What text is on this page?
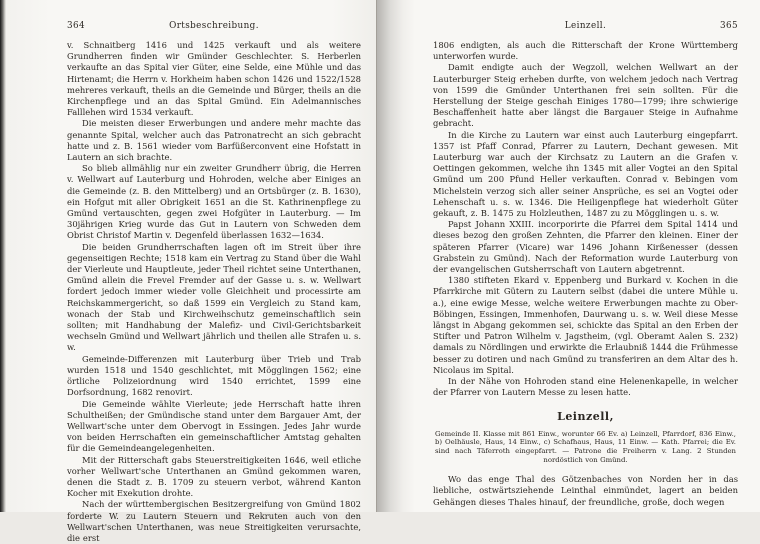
364	Ortsbeschreibung.

v. Schnaitberg 1416 und 1425 verkauft und als weitere Grundherren finden wir Gmünder Geschlechter. S. Herberlen verkaufte an das Spital vier Güter, eine Selde, eine Mühle und das Hirtenamt; die Herrn v. Horkheim haben schon 1426 und 1522/1528 mehreres verkauft, theils an die Gemeinde und Bürger, theils an die Kirchenpflege und an das Spital Gmünd. Ein Adelmannisches Falllehen wird 1534 verkauft.

Die meisten dieser Erwerbungen und andere mehr machte das genannte Spital, welcher auch das Patronatrecht an sich gebracht hatte und z. B. 1561 wieder vom Barfüßerconvent eine Hofstatt in Lautern an sich brachte.

So blieb allmählig nur ein zweiter Grundherr übrig, die Herren v. Wellwart auf Lauterburg und Hohroden, welche aber Einiges an die Gemeinde (z. B. den Mittelberg) und an Ortsbürger (z. B. 1630), ein Hofgut mit aller Obrigkeit 1651 an die St. Kathrinenpflege zu Gmünd vertauschten, gegen zwei Hofgüter in Lauterburg. — Im 30jährigen Krieg wurde das Gut in Lautern von Schweden dem Obrist Christof Martin v. Degenfeld überlassen 1632—1634.

Die beiden Grundherrschaften lagen oft im Streit über ihre gegenseitigen Rechte; 1518 kam ein Vertrag zu Stand über die Wahl der Vierleute und Hauptleute, jeder Theil richtet seine Unterthanen, Gmünd allein die Frevel Fremder auf der Gasse u. s. w. Wellwart fordert jedoch immer wieder volle Gleichheit und processirte am Reichskammergericht, so daß 1599 ein Vergleich zu Stand kam, wonach der Stab und Kirchweihschutz gemeinschaftlich sein sollten; mit Handhabung der Malefiz- und Civil-Gerichtsbarkeit wechseln Gmünd und Wellwart jährlich und theilen alle Strafen u. s. w.

Gemeinde-Differenzen mit Lauterburg über Trieb und Trab wurden 1518 und 1540 geschlichtet, mit Mögglingen 1562; eine örtliche Polizeiordnung wird 1540 errichtet, 1599 eine Dorfsordnung, 1682 renovirt.

Die Gemeinde wählte Vierleute; jede Herrschaft hatte ihren Schultheißen; der Gmündische stand unter dem Bargauer Amt, der Wellwart'sche unter dem Obervogt in Essingen. Jedes Jahr wurde von beiden Herrschaften ein gemeinschaftlicher Amtstag gehalten für die Gemeindeangelegenheiten.

Mit der Ritterschaft gabs Steuerstreitigkeiten 1646, weil etliche vorher Wellwart'sche Unterthanen an Gmünd gekommen waren, denen die Stadt z. B. 1709 zu steuern verbot, während Kanton Kocher mit Exekution drohte.

Nach der württembergischen Besitzergreifung von Gmünd 1802 forderte W. zu Lautern Steuern und Rekruten auch von den Wellwart'schen Unterthanen, was neue Streitigkeiten verursachte, die erst

Leinzell.	365

1806 endigten, als auch die Ritterschaft der Krone Württemberg unterworfen wurde.

Damit endigte auch der Wegzoll, welchen Wellwart an der Lauterburger Steig erheben durfte, von welchem jedoch nach Vertrag von 1599 die Gmünder Unterthanen frei sein sollten. Für die Herstellung der Steige geschah Einiges 1780—1799; ihre schwierige Beschaffenheit hatte aber längst die Bargauer Steige in Aufnahme gebracht.

In die Kirche zu Lautern war einst auch Lauterburg eingepfarrt. 1357 ist Pfaff Conrad, Pfarrer zu Lautern, Dechant gewesen. Mit Lauterburg war auch der Kirchsatz zu Lautern an die Grafen v. Oettingen gekommen, welche ihn 1345 mit aller Vogtei an den Spital Gmünd um 200 Pfund Heller verkauften. Conrad v. Bebingen vom Michelstein verzog sich aller seiner Ansprüche, es sei an Vogtei oder Lehenschaft u. s. w. 1346. Die Heiligenpflege hat wiederholt Güter gekauft, z. B. 1475 zu Holzleuthen, 1487 zu zu Mögglingen u. s. w.

Papst Johann XXIII. incorporirte die Pfarrei dem Spital 1414 und dieses bezog den großen Zehnten, die Pfarrer den kleinen. Einer der späteren Pfarrer (Vicare) war 1496 Johann Kirßenesser (dessen Grabstein zu Gmünd). Nach der Reformation wurde Lauterburg von der evangelischen Gutsherrschaft von Lautern abgetrennt.

1380 stifteten Ekard v. Eppenberg und Burkard v. Kochen in die Pfarrkirche mit Gütern zu Lautern selbst (dabei die untere Mühle u. a.), eine ewige Messe, welche weitere Erwerbungen machte zu Ober-Böbingen, Essingen, Immenhofen, Daurwang u. s. w. Weil diese Messe längst in Abgang gekommen sei, schickte das Spital an den Erben der Stifter und Patron Wilhelm v. Jagstheim, (vgl. Oberamt Aalen S. 232) damals zu Nördlingen und erwirkte die Erlaubniß 1444 die Frühmesse besser zu dotiren und nach Gmünd zu transferiren an dem Altar des h. Nicolaus im Spital.

In der Nähe von Hohroden stand eine Helenenkapelle, in welcher der Pfarrer von Lautern Messe zu lesen hatte.

Leinzell,
Gemeinde II. Klasse mit 861 Einw., worunter 66 Ev. a) Leinzell, Pfarrdorf, 836 Einw., b) Oelhäusle, Haus, 14 Einw., c) Schafhaus, Haus, 11 Einw. — Kath. Pfarrei; die Ev. sind nach Täferroth eingepfarrt. — Patrone die Freiherrn v. Lang. 2 Stunden nordöstlich von Gmünd.

Wo das enge Thal des Götzenbaches von Norden her in das liebliche, ostwärtsziehende Leinthal einmündet, lagert an beiden Gehängen dieses Thales hinauf, der freundliche, große, doch wegen
